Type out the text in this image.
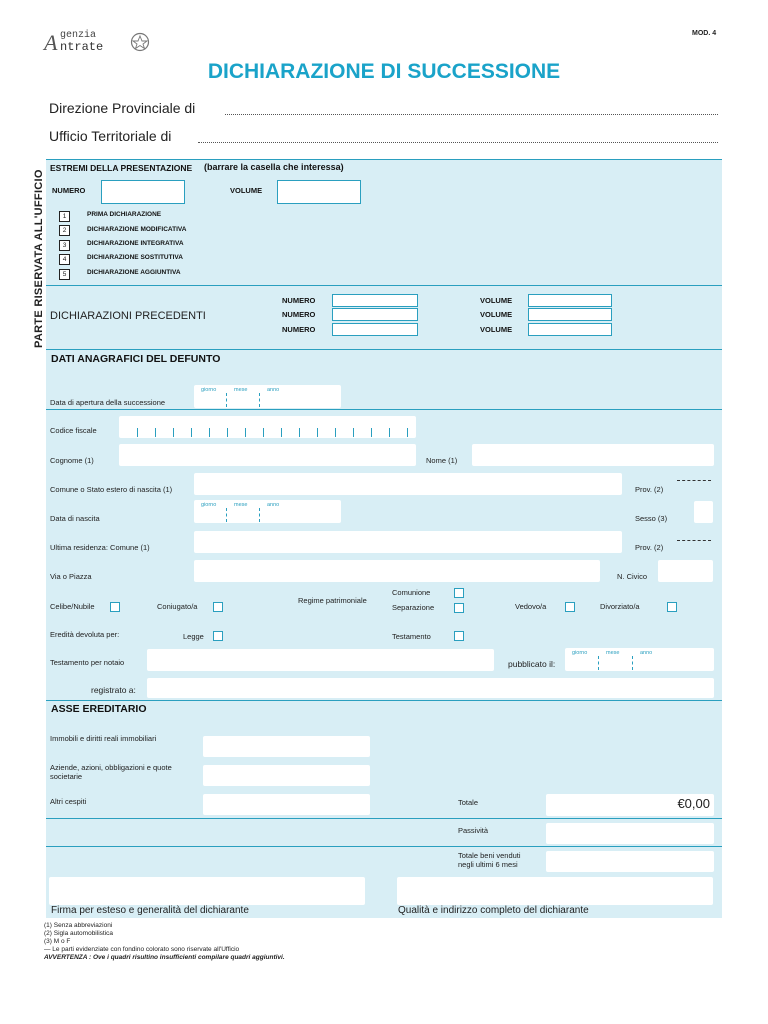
A genzia
ntrate
MOD. 4
DICHIARAZIONE DI SUCCESSIONE
Direzione Provinciale di
Ufficio Territoriale di
PARTE RISERVATA ALL'UFFICIO
ESTREMI DELLA PRESENTAZIONE (barrare la casella che interessa)
NUMERO	VOLUME
1	PRIMA DICHIARAZIONE
2	DICHIARAZIONE MODIFICATIVA
3	DICHIARAZIONE INTEGRATIVA
4	DICHIARAZIONE SOSTITUTIVA
5	DICHIARAZIONE AGGIUNTIVA
DICHIARAZIONI PRECEDENTI
NUMERO	VOLUME
NUMERO	VOLUME
NUMERO	VOLUME
DATI ANAGRAFICI DEL DEFUNTO
Data di apertura della successione
giorno	mese	anno
Codice fiscale
Cognome (1)	Nome (1)
Comune o Stato estero di nascita (1)	Prov. (2)
Data di nascita
giorno	mese	anno
Sesso (3)
Ultima residenza: Comune (1)	Prov. (2)
Via o Piazza	N. Civico
Celibe/Nubile	Coniugato/a
Regime patrimoniale
Comunione
Separazione	Vedovo/a	Divorziato/a
Eredità devoluta per:	Legge	Testamento
Testamento per notaio	pubblicato il:
giorno	mese	anno
registrato a:
ASSE EREDITARIO
Immobili e diritti reali immobiliari
Aziende, azioni, obbligazioni e quote societarie
Altri cespiti	Totale	€0,00
Passività
Totale beni venduti negli ultimi 6 mesi
Firma per esteso e generalità del dichiarante	Qualità e indirizzo completo del dichiarante
(1) Senza abbreviazioni
(2) Sigla automobilistica
(3) M o F
— Le parti evidenziate con fondino colorato sono riservate all'Ufficio
AVVERTENZA : Ove i quadri risultino insufficienti compilare quadri aggiuntivi.
